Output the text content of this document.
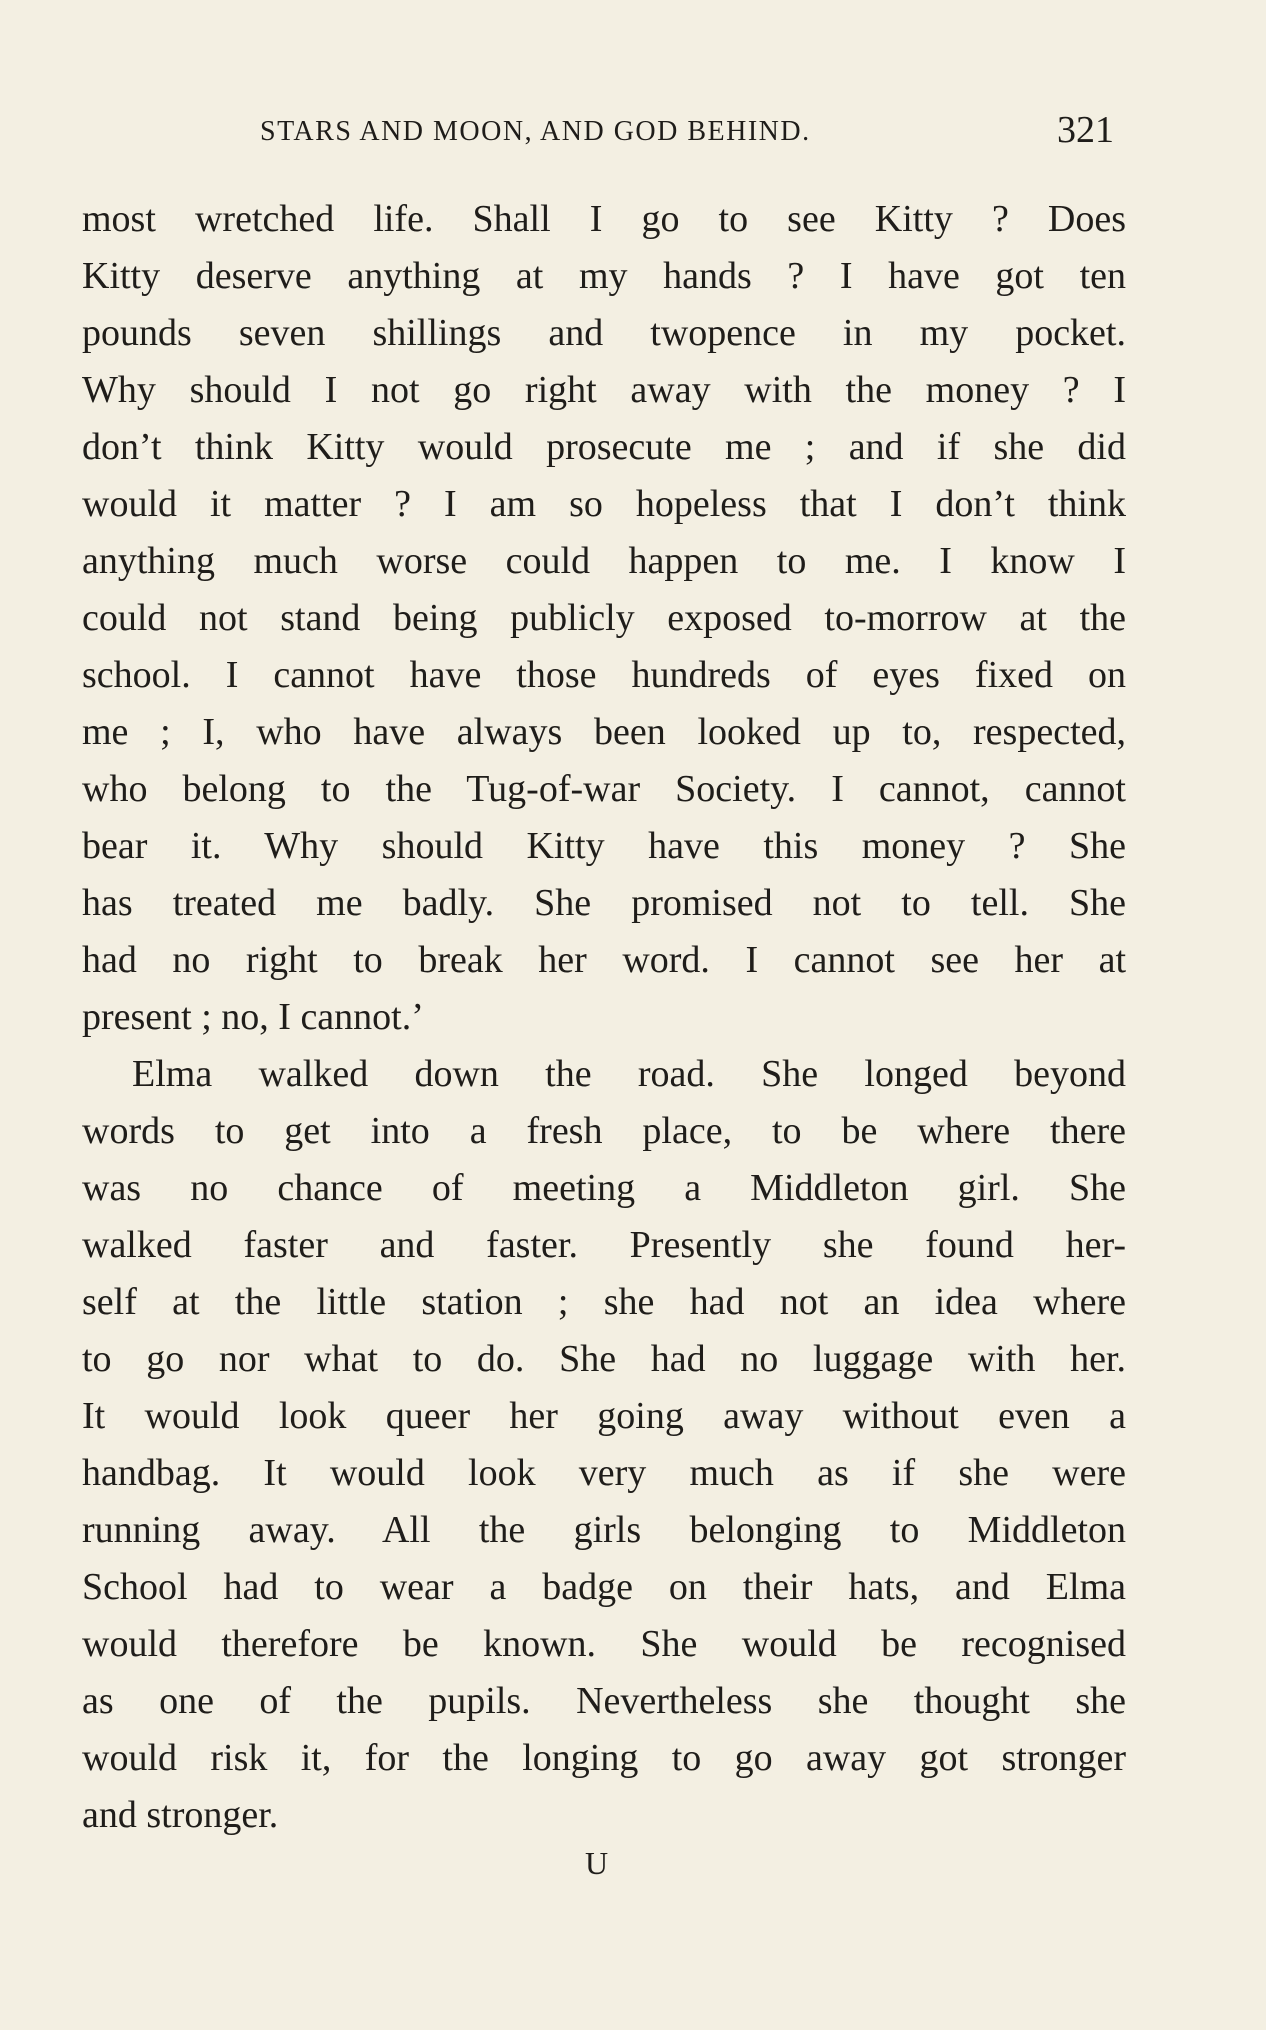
STARS AND MOON, AND GOD BEHIND.	321
most wretched life. Shall I go to see Kitty ? Does
Kitty deserve anything at my hands ? I have got ten
pounds seven shillings and twopence in my pocket.
Why should I not go right away with the money ? I
don’t think Kitty would prosecute me ; and if she did
would it matter ? I am so hopeless that I don’t think
anything much worse could happen to me. I know I
could not stand being publicly exposed to-morrow at the
school. I cannot have those hundreds of eyes fixed on
me ; I, who have always been looked up to, respected,
who belong to the Tug-of-war Society. I cannot, cannot
bear it. Why should Kitty have this money ? She
has treated me badly. She promised not to tell. She
had no right to break her word. I cannot see her at
present ; no, I cannot.’
Elma walked down the road. She longed beyond
words to get into a fresh place, to be where there
was no chance of meeting a Middleton girl. She
walked faster and faster. Presently she found her-
self at the little station ; she had not an idea where
to go nor what to do. She had no luggage with her.
It would look queer her going away without even a
handbag. It would look very much as if she were
running away. All the girls belonging to Middleton
School had to wear a badge on their hats, and Elma
would therefore be known. She would be recognised
as one of the pupils. Nevertheless she thought she
would risk it, for the longing to go away got stronger
and stronger.
U
